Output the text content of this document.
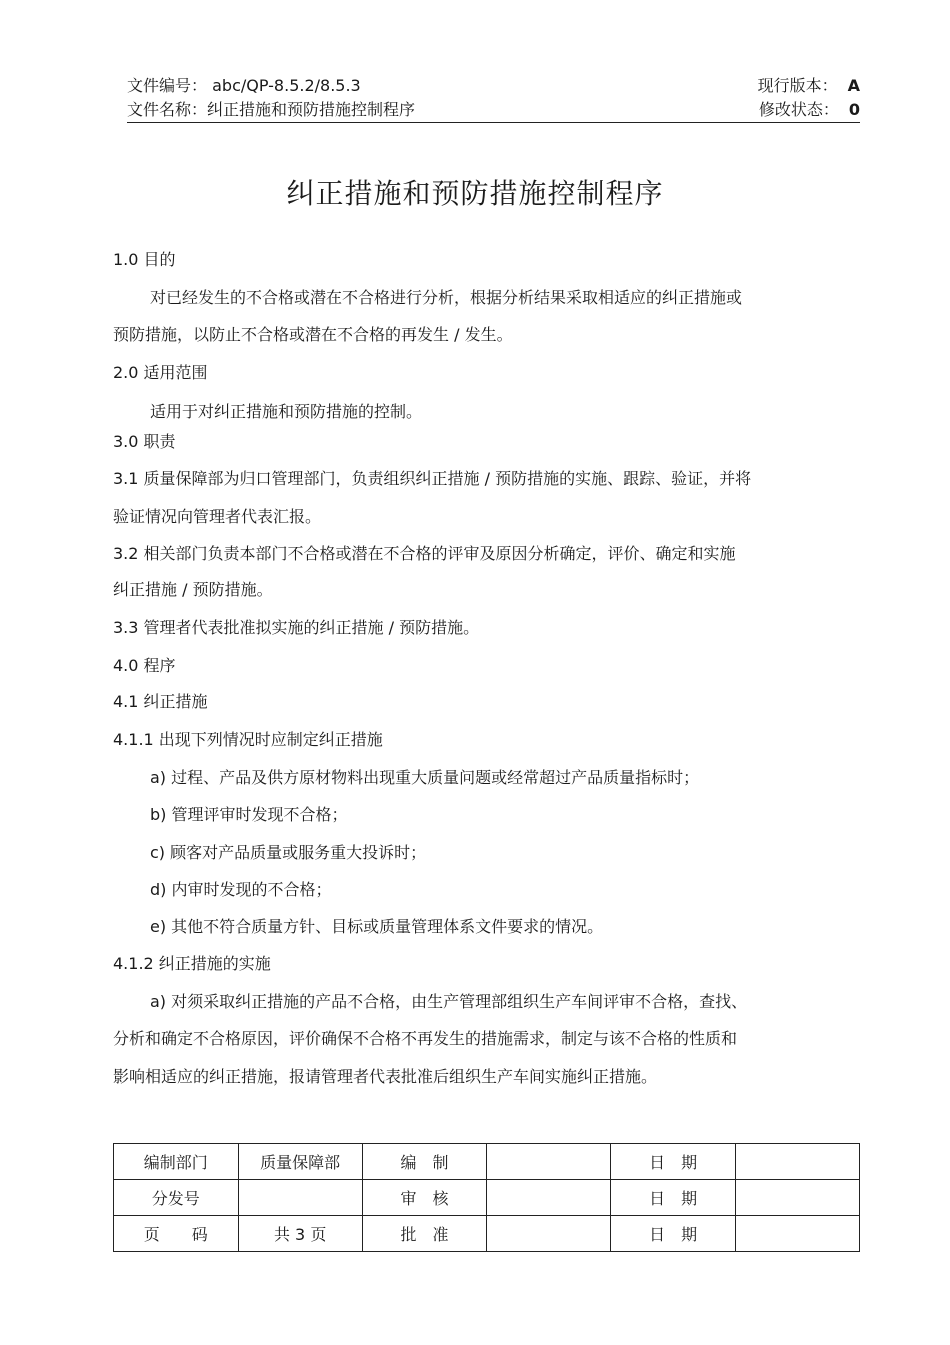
文件编号： abc/QP-8.5.2/8.5.3	现行版本： A
文件名称：纠正措施和预防措施控制程序	修改状态： 0
纠正措施和预防措施控制程序
1.0 目的
对已经发生的不合格或潜在不合格进行分析，根据分析结果采取相适应的纠正措施或
预防措施，以防止不合格或潜在不合格的再发生 / 发生。
2.0 适用范围
适用于对纠正措施和预防措施的控制。
3.0 职责
3.1 质量保障部为归口管理部门，负责组织纠正措施 / 预防措施的实施、跟踪、验证，并将
验证情况向管理者代表汇报。
3.2 相关部门负责本部门不合格或潜在不合格的评审及原因分析确定，评价、确定和实施
纠正措施 / 预防措施。
3.3 管理者代表批准拟实施的纠正措施 / 预防措施。
4.0 程序
4.1 纠正措施
4.1.1 出现下列情况时应制定纠正措施
a) 过程、产品及供方原材物料出现重大质量问题或经常超过产品质量指标时；
b) 管理评审时发现不合格；
c) 顾客对产品质量或服务重大投诉时；
d) 内审时发现的不合格；
e) 其他不符合质量方针、目标或质量管理体系文件要求的情况。
4.1.2 纠正措施的实施
a) 对须采取纠正措施的产品不合格，由生产管理部组织生产车间评审不合格，查找、
分析和确定不合格原因，评价确保不合格不再发生的措施需求，制定与该不合格的性质和
影响相适应的纠正措施，报请管理者代表批准后组织生产车间实施纠正措施。
编制部门	质量保障部	编　制		日　期	
分发号		审　核		日　期	
页　　码	共 3 页	批　准		日　期	
